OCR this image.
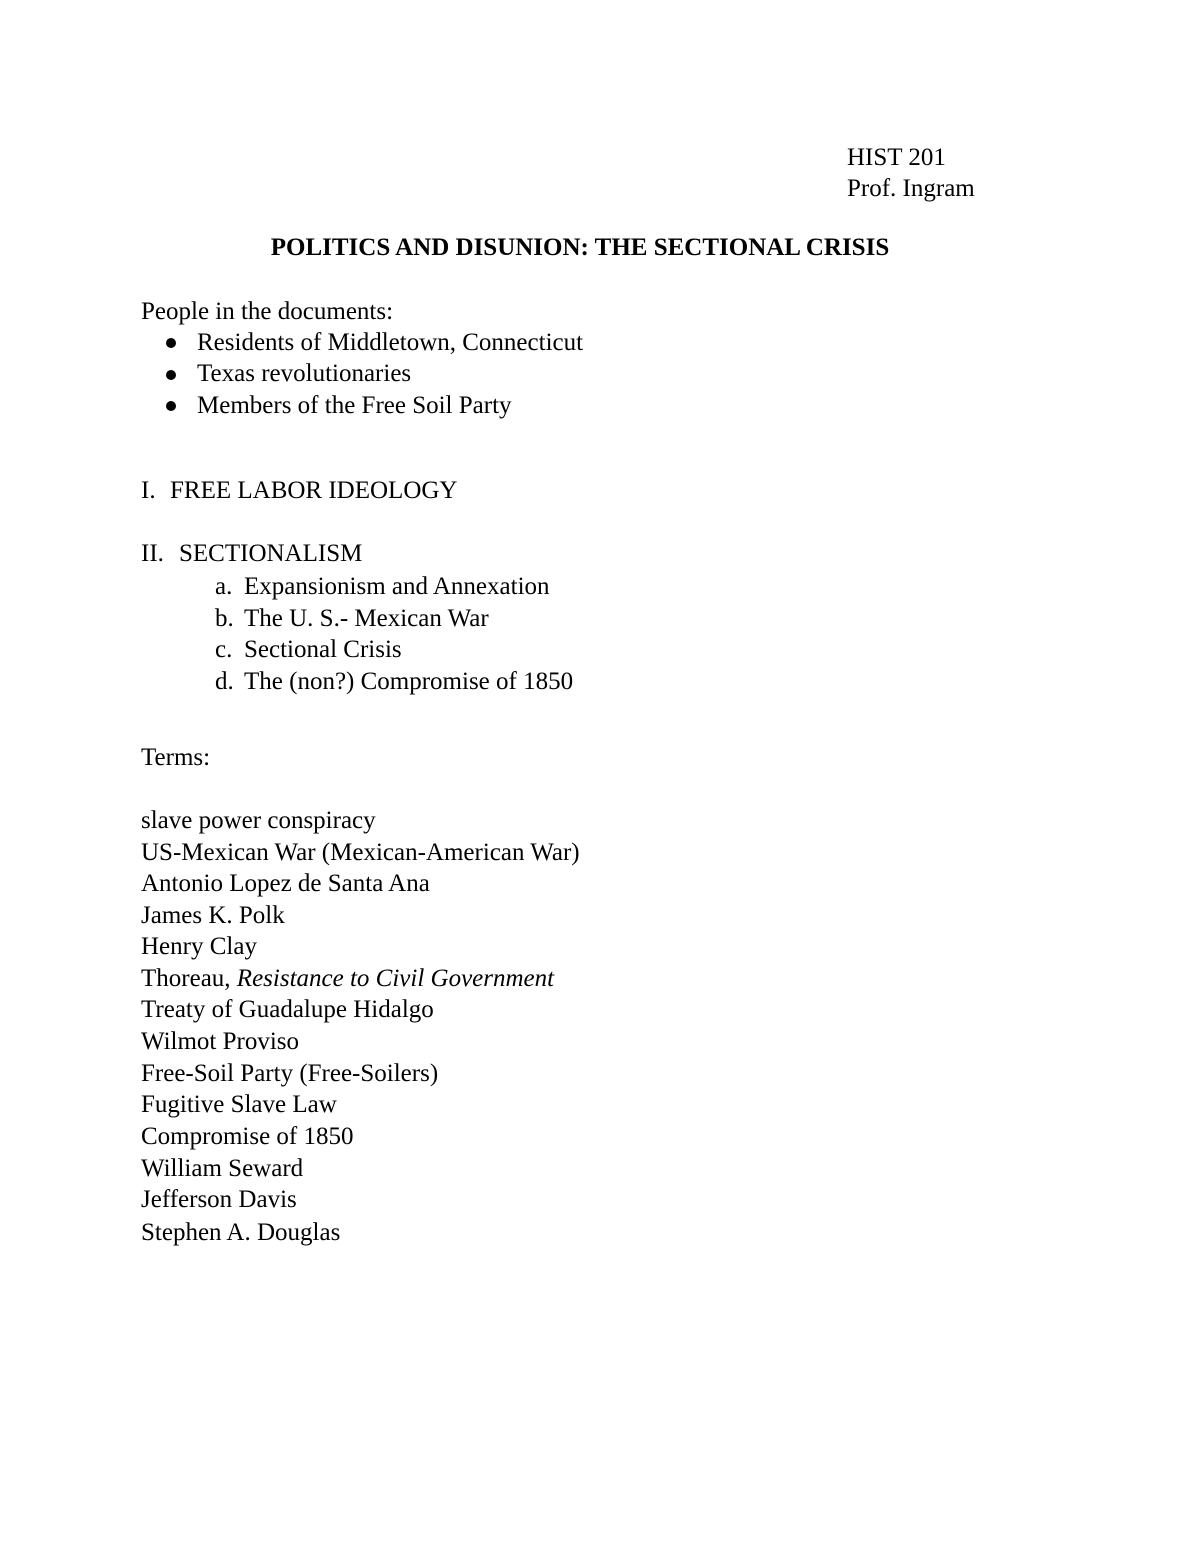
HIST 201
Prof. Ingram
POLITICS AND DISUNION: THE SECTIONAL CRISIS
People in the documents:
Residents of Middletown, Connecticut
Texas revolutionaries
Members of the Free Soil Party
I. FREE LABOR IDEOLOGY
II. SECTIONALISM
a. Expansionism and Annexation
b. The U. S.- Mexican War
c. Sectional Crisis
d. The (non?) Compromise of 1850
Terms:
slave power conspiracy
US-Mexican War (Mexican-American War)
Antonio Lopez de Santa Ana
James K. Polk
Henry Clay
Thoreau, Resistance to Civil Government
Treaty of Guadalupe Hidalgo
Wilmot Proviso
Free-Soil Party (Free-Soilers)
Fugitive Slave Law
Compromise of 1850
William Seward
Jefferson Davis
Stephen A. Douglas
